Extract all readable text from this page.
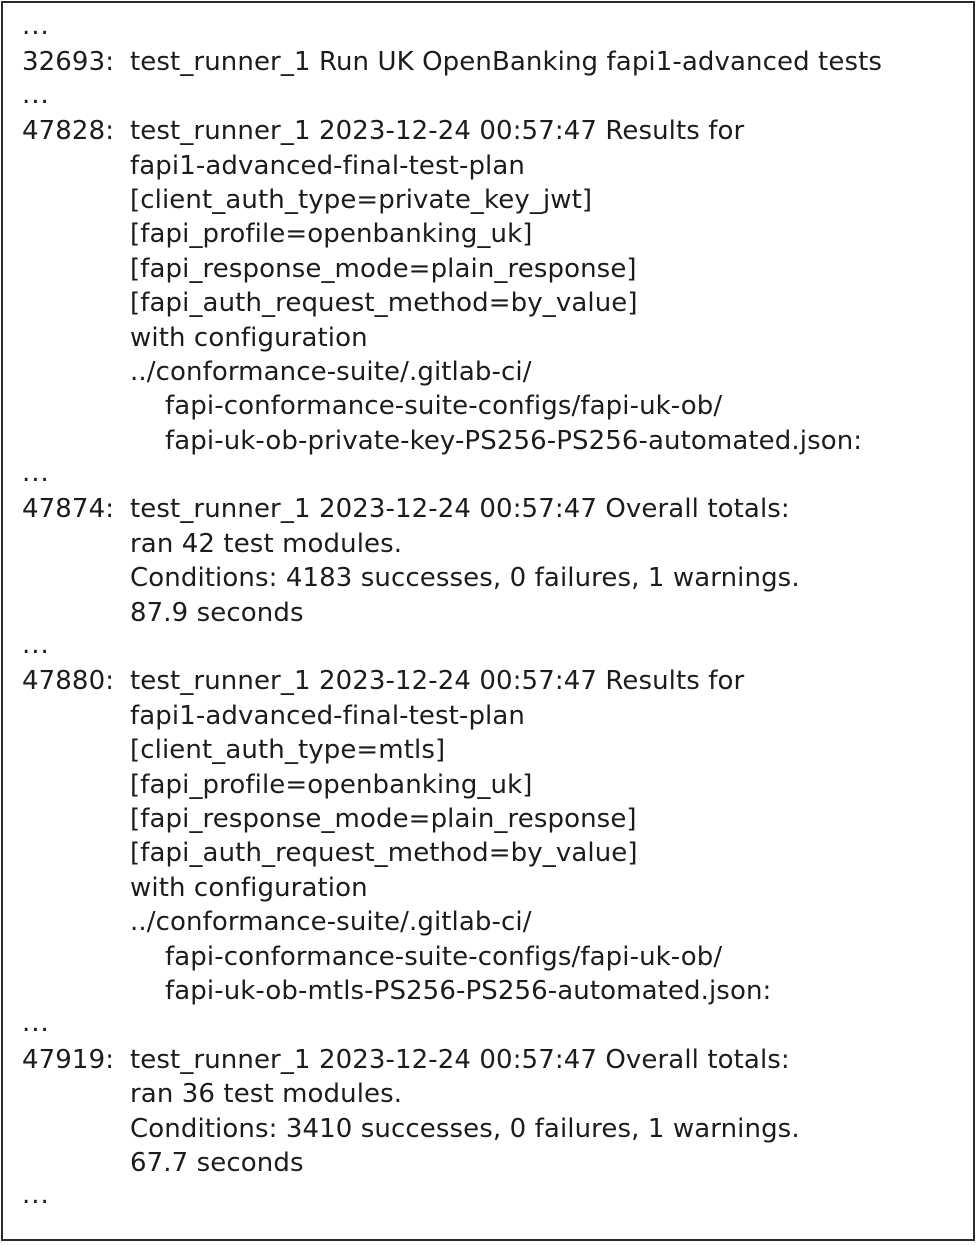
...
32693: test_runner_1 Run UK OpenBanking fapi1-advanced tests
...
47828: test_runner_1 2023-12-24 00:57:47 Results for
fapi1-advanced-final-test-plan
[client_auth_type=private_key_jwt]
[fapi_profile=openbanking_uk]
[fapi_response_mode=plain_response]
[fapi_auth_request_method=by_value]
with configuration
../conformance-suite/.gitlab-ci/
fapi-conformance-suite-configs/fapi-uk-ob/
fapi-uk-ob-private-key-PS256-PS256-automated.json:
...
47874: test_runner_1 2023-12-24 00:57:47 Overall totals:
ran 42 test modules.
Conditions: 4183 successes, 0 failures, 1 warnings.
87.9 seconds
...
47880: test_runner_1 2023-12-24 00:57:47 Results for
fapi1-advanced-final-test-plan
[client_auth_type=mtls]
[fapi_profile=openbanking_uk]
[fapi_response_mode=plain_response]
[fapi_auth_request_method=by_value]
with configuration
../conformance-suite/.gitlab-ci/
fapi-conformance-suite-configs/fapi-uk-ob/
fapi-uk-ob-mtls-PS256-PS256-automated.json:
...
47919: test_runner_1 2023-12-24 00:57:47 Overall totals:
ran 36 test modules.
Conditions: 3410 successes, 0 failures, 1 warnings.
67.7 seconds
...
